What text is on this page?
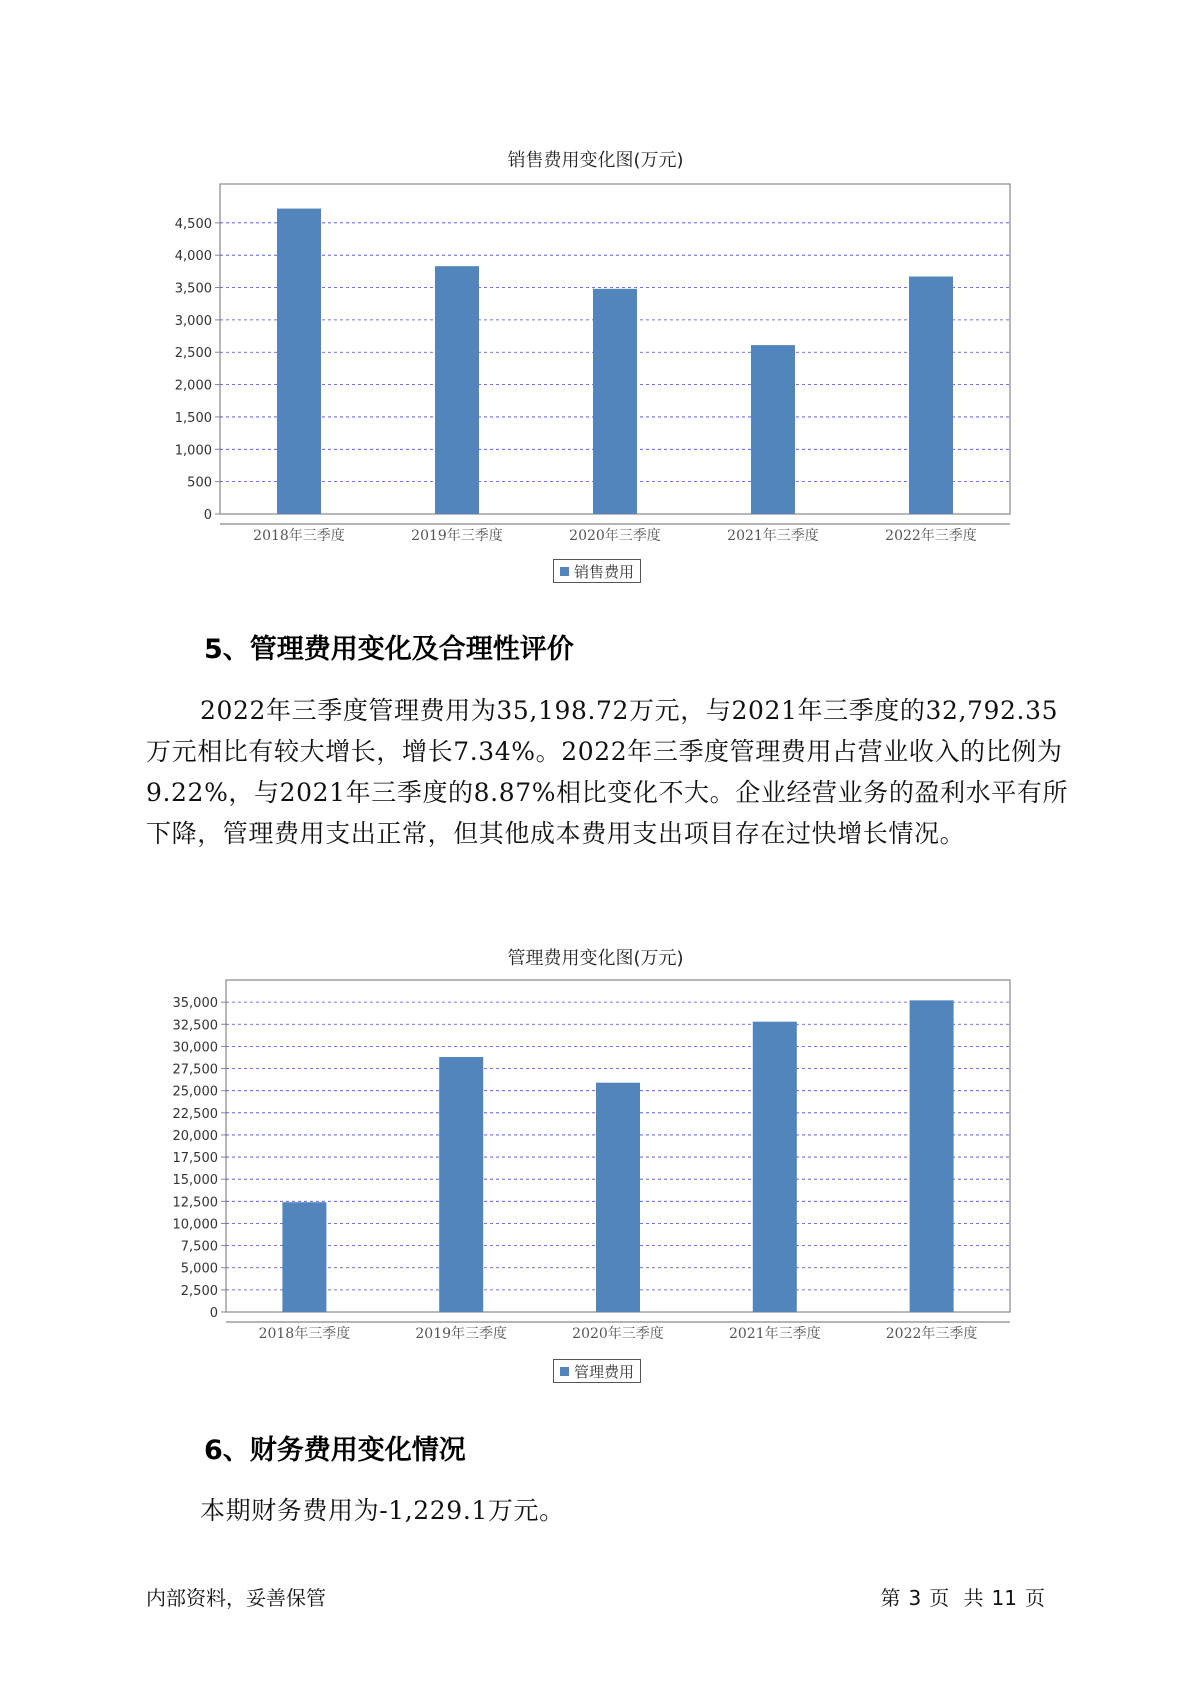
销售费用变化图(万元)
0
500
1,000
1,500
2,000
2,500
3,000
3,500
4,000
4,500
2018年三季度	2019年三季度	2020年三季度	2021年三季度	2022年三季度
销售费用
5、管理费用变化及合理性评价

2022年三季度管理费用为35,198.72万元，与2021年三季度的32,792.35万元相比有较大增长，增长7.34%。2022年三季度管理费用占营业收入的比例为9.22%，与2021年三季度的8.87%相比变化不大。企业经营业务的盈利水平有所下降，管理费用支出正常，但其他成本费用支出项目存在过快增长情况。

管理费用变化图(万元)
0
2,500
5,000
7,500
10,000
12,500
15,000
17,500
20,000
22,500
25,000
27,500
30,000
32,500
35,000
2018年三季度	2019年三季度	2020年三季度	2021年三季度	2022年三季度
管理费用
6、财务费用变化情况

本期财务费用为-1,229.1万元。

内部资料，妥善保管	第 3 页 共 11 页
